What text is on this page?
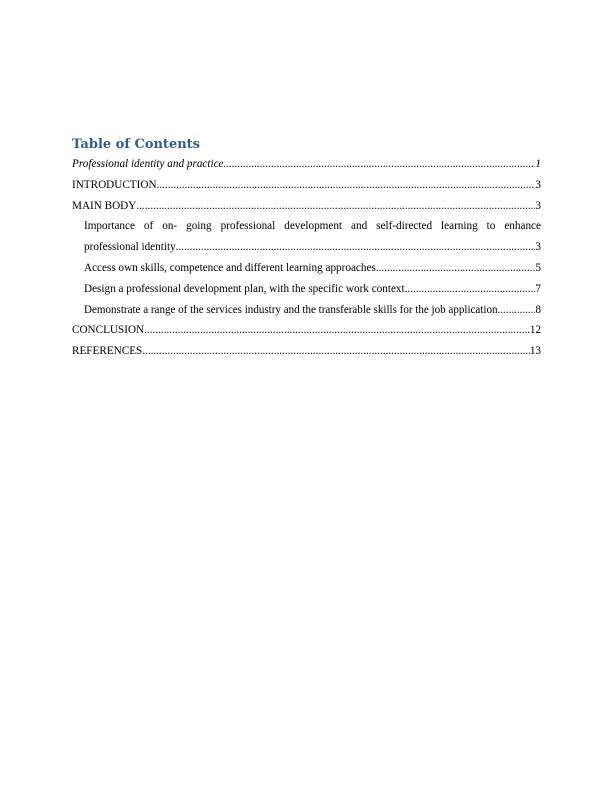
Table of Contents
Professional identity and practice .....	1
INTRODUCTION .....	3
MAIN BODY .....	3
Importance of on- going professional development and self-directed learning to enhance
professional identity .....	3
Access own skills, competence and different learning approaches .....	5
Design a professional development plan, with the specific work context .....	7
Demonstrate a range of the services industry and the transferable skills for the job application .....	8
CONCLUSION .....	12
REFERENCES .....	13
